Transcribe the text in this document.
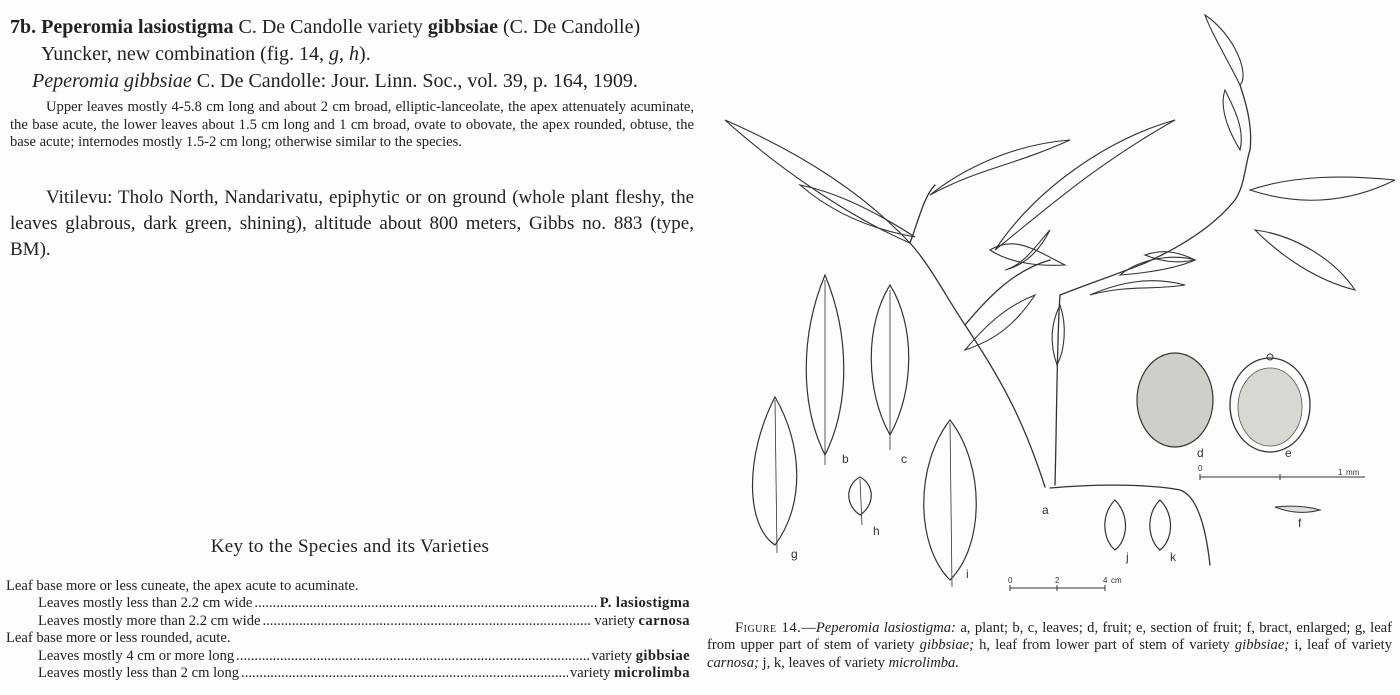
7b. Peperomia lasiostigma C. De Candolle variety gibbsiae (C. De Candolle)
Yuncker, new combination (fig. 14, g, h).
Peperomia gibbsiae C. De Candolle: Jour. Linn. Soc., vol. 39, p. 164, 1909.
Upper leaves mostly 4-5.8 cm long and about 2 cm broad, elliptic-lanceolate, the apex attenuately acuminate, the base acute, the lower leaves about 1.5 cm long and 1 cm broad, ovate to obovate, the apex rounded, obtuse, the base acute; internodes mostly 1.5-2 cm long; otherwise similar to the species.
Vitilevu: Tholo North, Nandarivatu, epiphytic or on ground (whole plant fleshy, the leaves glabrous, dark green, shining), altitude about 800 meters, Gibbs no. 883 (type, BM).
Key to the Species and its Varieties
Leaf base more or less cuneate, the apex acute to acuminate.
Leaves mostly less than 2.2 cm wide .....	P. lasiostigma
Leaves mostly more than 2.2 cm wide .....	variety carnosa
Leaf base more or less rounded, acute.
Leaves mostly 4 cm or more long .....	variety gibbsiae
Leaves mostly less than 2 cm long .....	variety microlimba
0	1 mm
0	2	4 cm
a
b	c	d	e
f
g
h
i
j	k
Figure 14.—Peperomia lasiostigma: a, plant; b, c, leaves; d, fruit; e, section of fruit; f, bract, enlarged; g, leaf from upper part of stem of variety gibbsiae; h, leaf from lower part of stem of variety gibbsiae; i, leaf of variety carnosa; j, k, leaves of variety microlimba.
